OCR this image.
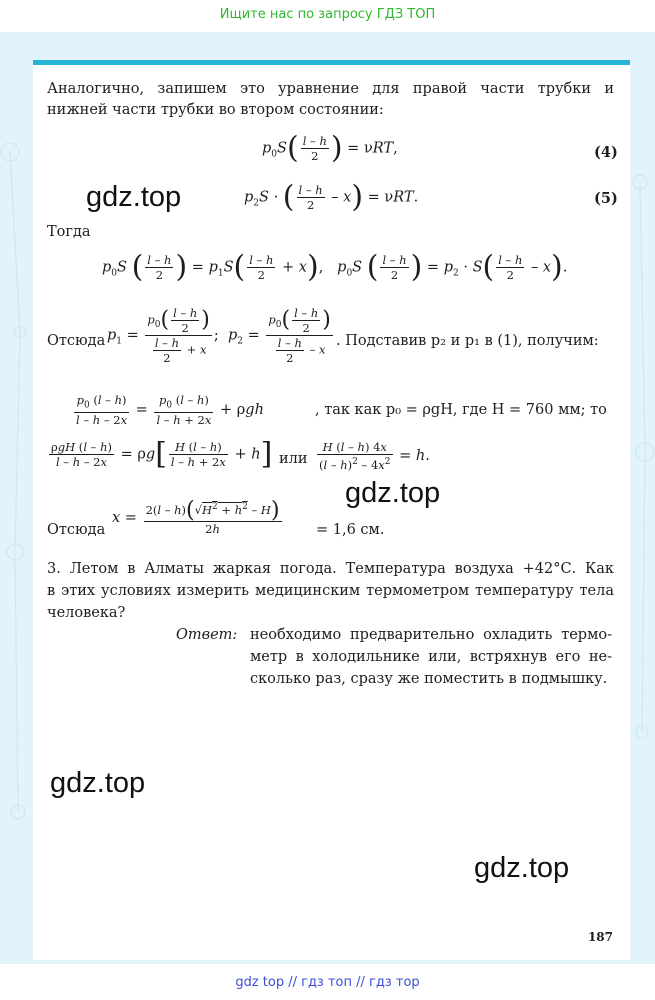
Ищите нас по запросу ГДЗ ТОП
Аналогично, запишем это уравнение для правой части трубки и
нижней части трубки во втором состоянии:
$p_0S( \frac{l - h}{2}$ ) = νRT,	(4)
$p_2S$ · ( $\frac{l - h}{2} - x) = \nu RT$.	(5)
Тогда
$p_0S$ ( $\frac{l - h}{2}$ ) = $p_1S( \frac{l - h}{2} + x)$,   $p_0S$ ( $\frac{l - h}{2}$ ) = $p_2 \cdot S( \frac{l - h}{2} - x)$.
Отсюда $p_1 = \frac{p_0( \frac{l - h}{2} )}{\frac{l - h}{2} + x}$ ;  $p_2 = \frac{p_0( \frac{l - h}{2} )}{\frac{l - h}{2} - x}$ . Подставив p₂ и p₁ в (1), получим:
$\frac{p_0 (l - h)}{l - h - 2x} = \frac{p_0 (l - h)}{l - h + 2x} + \rho gh$	, так как p₀ = ρgH, где H = 760 мм; то
$\frac{\text{ρgH (l – h)}}{l - h - 2x} = \rho g[ \frac{H (l - h)}{l - h + 2x} + h]$ или $\frac{H (l - h) 4x}{(l - h)^2 - 4x^2} = h$.
Отсюда
$x = \frac{2(l - h)(√H^2 + h^2 - H)}{2h} = 1,6$ см.
3. Летом в Алматы жаркая погода. Температура воздуха +42°С. Как
в этих условиях измерить медицинским термометром температуру тела
человека?
Ответ: необходимо предварительно охладить термо-
метр в холодильнике или, встряхнув его не-
сколько раз, сразу же поместить в подмышку.
gdz.top
gdz.top
gdz.top
gdz.top
187
gdz top // гдз топ // гдз тор
